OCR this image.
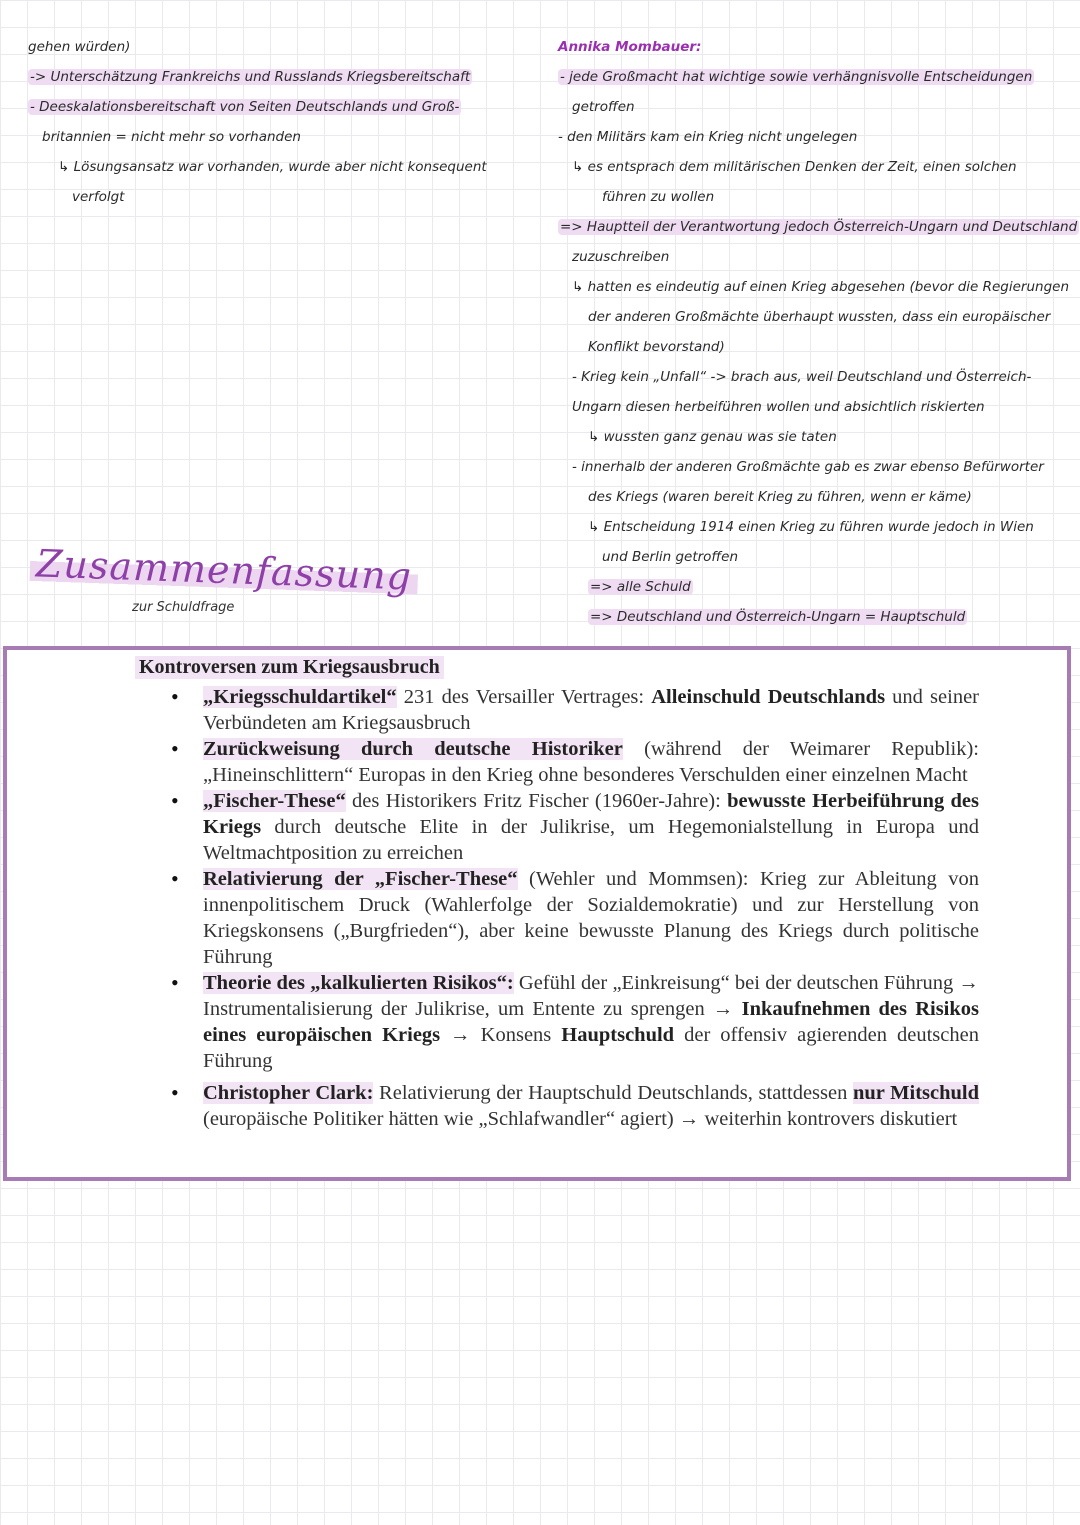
gehen würden)
-> Unterschätzung Frankreichs und Russlands Kriegsbereitschaft
- Deeskalationsbereitschaft von Seiten Deutschlands und Groß-
britannien = nicht mehr so vorhanden
↳ Lösungsansatz war vorhanden, wurde aber nicht konsequent
verfolgt
Annika Mombauer:
- jede Großmacht hat wichtige sowie verhängnisvolle Entscheidungen
getroffen
- den Militärs kam ein Krieg nicht ungelegen
↳ es entsprach dem militärischen Denken der Zeit, einen solchen
führen zu wollen
=> Hauptteil der Verantwortung jedoch Österreich-Ungarn und Deutschland
zuzuschreiben
↳ hatten es eindeutig auf einen Krieg abgesehen (bevor die Regierungen
der anderen Großmächte überhaupt wussten, dass ein europäischer
Konflikt bevorstand)
- Krieg kein „Unfall“ -> brach aus, weil Deutschland und Österreich-
Ungarn diesen herbeiführen wollen und absichtlich riskierten
↳ wussten ganz genau was sie taten
- innerhalb der anderen Großmächte gab es zwar ebenso Befürworter
des Kriegs (waren bereit Krieg zu führen, wenn er käme)
↳ Entscheidung 1914 einen Krieg zu führen wurde jedoch in Wien
und Berlin getroffen
=> alle Schuld
=> Deutschland und Österreich-Ungarn = Hauptschuld
Zusammenfassung
zur Schuldfrage
Kontroversen zum Kriegsausbruch
• „Kriegsschuldartikel“ 231 des Versailler Vertrages: Alleinschuld Deutschlands und seiner Verbündeten am Kriegsausbruch
• Zurückweisung durch deutsche Historiker (während der Weimarer Republik): „Hineinschlittern“ Europas in den Krieg ohne besonderes Verschulden einer einzelnen Macht
• „Fischer-These“ des Historikers Fritz Fischer (1960er-Jahre): bewusste Herbeiführung des Kriegs durch deutsche Elite in der Julikrise, um Hegemonialstellung in Europa und Weltmachtposition zu erreichen
• Relativierung der „Fischer-These“ (Wehler und Mommsen): Krieg zur Ableitung von innenpolitischem Druck (Wahlerfolge der Sozialdemokratie) und zur Herstellung von Kriegskonsens („Burgfrieden“), aber keine bewusste Planung des Kriegs durch politische Führung
• Theorie des „kalkulierten Risikos“: Gefühl der „Einkreisung“ bei der deutschen Führung → Instrumentalisierung der Julikrise, um Entente zu sprengen → Inkaufnehmen des Risikos eines europäischen Kriegs → Konsens Hauptschuld der offensiv agierenden deutschen Führung
• Christopher Clark: Relativierung der Hauptschuld Deutschlands, stattdessen nur Mitschuld (europäische Politiker hätten wie „Schlafwandler“ agiert) → weiterhin kontrovers diskutiert
